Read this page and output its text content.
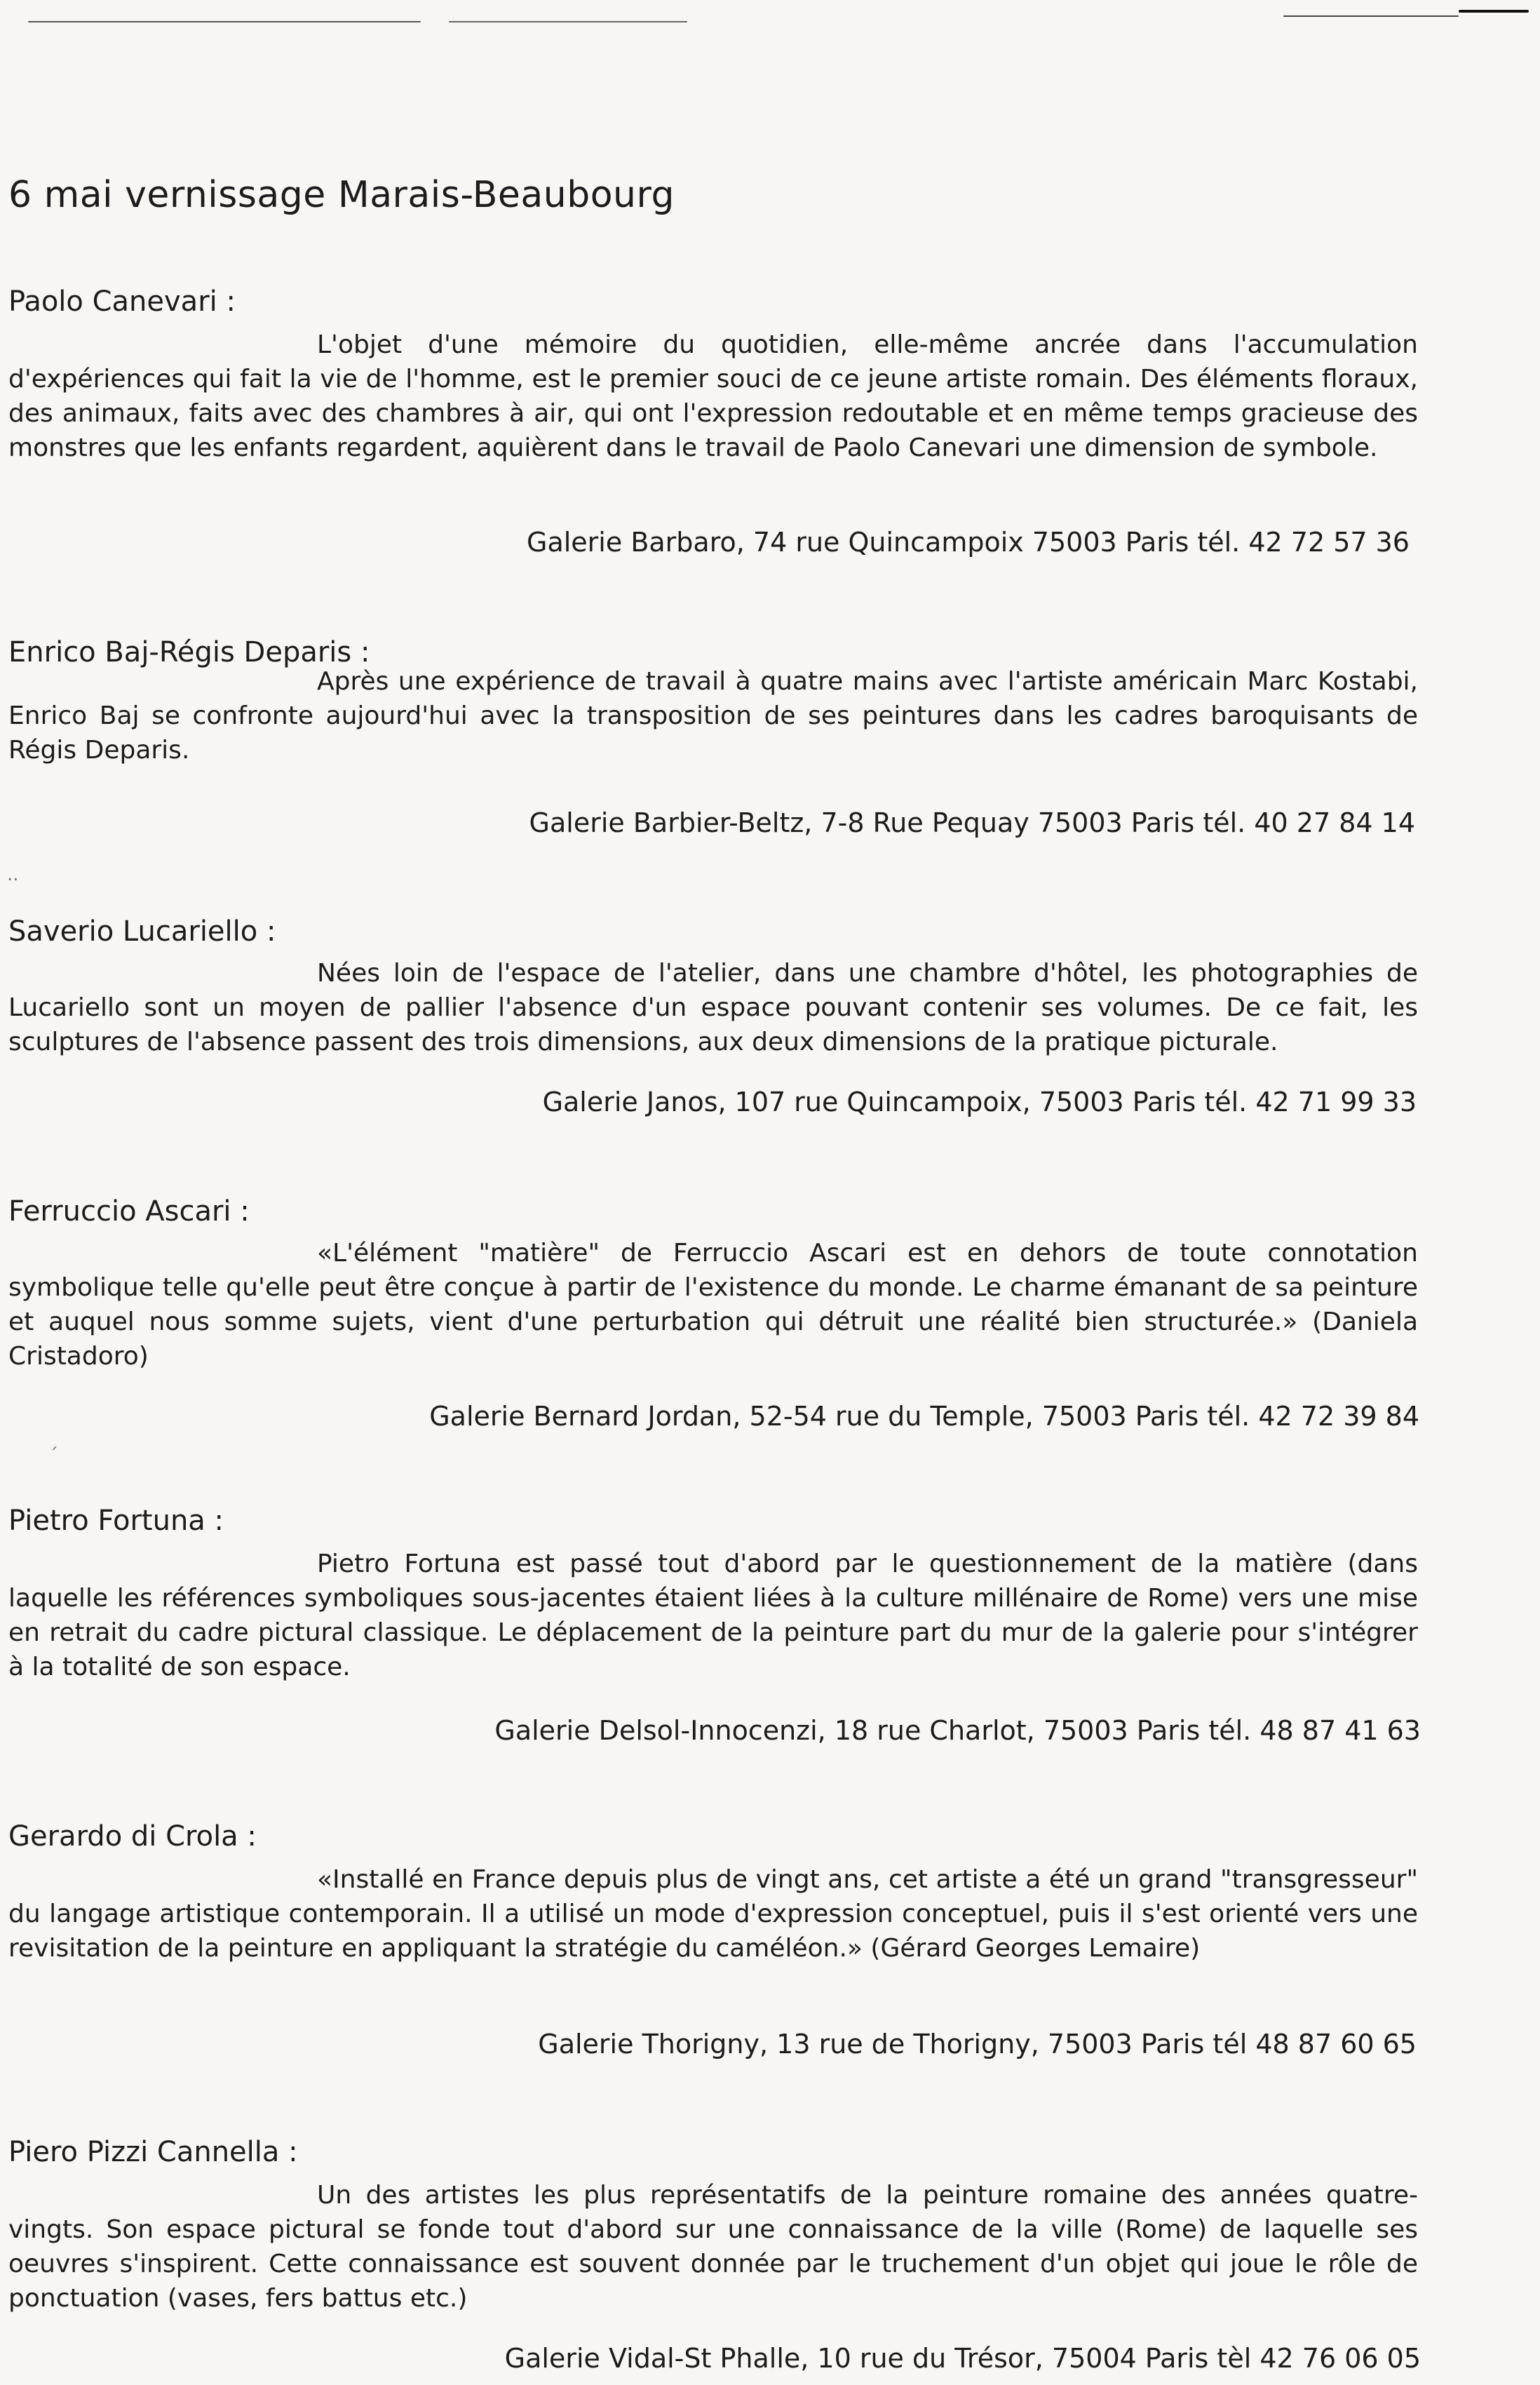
6 mai vernissage Marais-Beaubourg

Paolo Canevari :

L'objet d'une mémoire du quotidien, elle-même ancrée dans l'accumulation d'expériences qui fait la vie de l'homme, est le premier souci de ce jeune artiste romain. Des éléments floraux, des animaux, faits avec des chambres à air, qui ont l'expression redoutable et en même temps gracieuse des monstres que les enfants regardent, aquièrent dans le travail de Paolo Canevari une dimension de symbole.

Galerie Barbaro, 74 rue Quincampoix 75003 Paris tél. 42 72 57 36

Enrico Baj-Régis Deparis :

Après une expérience de travail à quatre mains avec l'artiste américain Marc Kostabi, Enrico Baj se confronte aujourd'hui avec la transposition de ses peintures dans les cadres baroquisants de Régis Deparis.

Galerie Barbier-Beltz, 7-8 Rue Pequay 75003 Paris tél. 40 27 84 14

..

Saverio Lucariello :

Nées loin de l'espace de l'atelier, dans une chambre d'hôtel, les photographies de Lucariello sont un moyen de pallier l'absence d'un espace pouvant contenir ses volumes. De ce fait, les sculptures de l'absence passent des trois dimensions, aux deux dimensions de la pratique picturale.

Galerie Janos, 107 rue Quincampoix, 75003 Paris tél. 42 71 99 33

Ferruccio Ascari :

«L'élément "matière" de Ferruccio Ascari est en dehors de toute connotation symbolique telle qu'elle peut être conçue à partir de l'existence du monde. Le charme émanant de sa peinture et auquel nous somme sujets, vient d'une perturbation qui détruit une réalité bien structurée.» (Daniela Cristadoro)

Galerie Bernard Jordan, 52-54 rue du Temple, 75003 Paris tél. 42 72 39 84

´

Pietro Fortuna :

Pietro Fortuna est passé tout d'abord par le questionnement de la matière (dans laquelle les références symboliques sous-jacentes étaient liées à la culture millénaire de Rome) vers une mise en retrait du cadre pictural classique. Le déplacement de la peinture part du mur de la galerie pour s'intégrer à la totalité de son espace.

Galerie Delsol-Innocenzi, 18 rue Charlot, 75003 Paris tél. 48 87 41 63

Gerardo di Crola :

«Installé en France depuis plus de vingt ans, cet artiste a été un grand "transgresseur" du langage artistique contemporain. Il a utilisé un mode d'expression conceptuel, puis il s'est orienté vers une revisitation de la peinture en appliquant la stratégie du caméléon.» (Gérard Georges Lemaire)

Galerie Thorigny, 13 rue de Thorigny, 75003 Paris tél 48 87 60 65

Piero Pizzi Cannella :

Un des artistes les plus représentatifs de la peinture romaine des années quatre-vingts. Son espace pictural se fonde tout d'abord sur une connaissance de la ville (Rome) de laquelle ses oeuvres s'inspirent. Cette connaissance est souvent donnée par le truchement d'un objet qui joue le rôle de ponctuation (vases, fers battus etc.)

Galerie Vidal-St Phalle, 10 rue du Trésor, 75004 Paris tèl 42 76 06 05
